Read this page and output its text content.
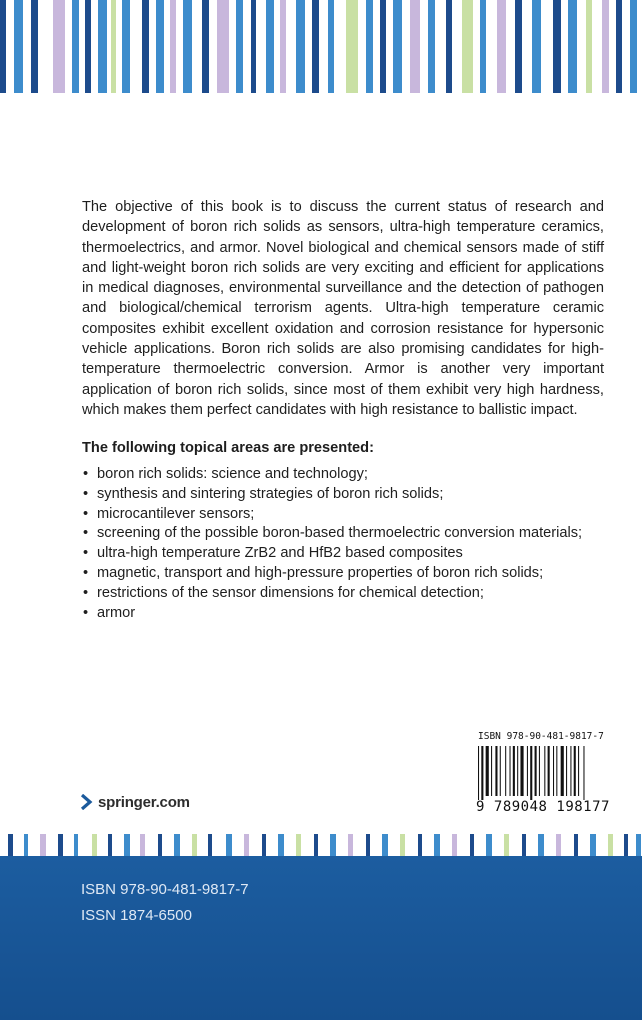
The objective of this book is to discuss the current status of research and development of boron rich solids as sensors, ultra-high temperature ceramics, thermoelectrics, and armor. Novel biological and chemical sensors made of stiff and light-weight boron rich solids are very exciting and efficient for applications in medical diagnoses, environmental surveillance and the detection of pathogen and biological/chemical terrorism agents. Ultra-high temperature ceramic composites exhibit excellent oxidation and corrosion resistance for hypersonic vehicle applications. Boron rich solids are also promising candidates for high-temperature thermoelectric conversion. Armor is another very important application of boron rich solids, since most of them exhibit very high hardness, which makes them perfect candidates with high resistance to ballistic impact.

The following topical areas are presented:

• boron rich solids: science and technology;
• synthesis and sintering strategies of boron rich solids;
• microcantilever sensors;
• screening of the possible boron-based thermoelectric conversion materials;
• ultra-high temperature ZrB2 and HfB2 based composites
• magnetic, transport and high-pressure properties of boron rich solids;
• restrictions of the sensor dimensions for chemical detection;
• armor
ISBN 978-90-481-9817-7
9 789048 198177
springer.com

ISBN 978-90-481-9817-7

ISSN 1874-6500
